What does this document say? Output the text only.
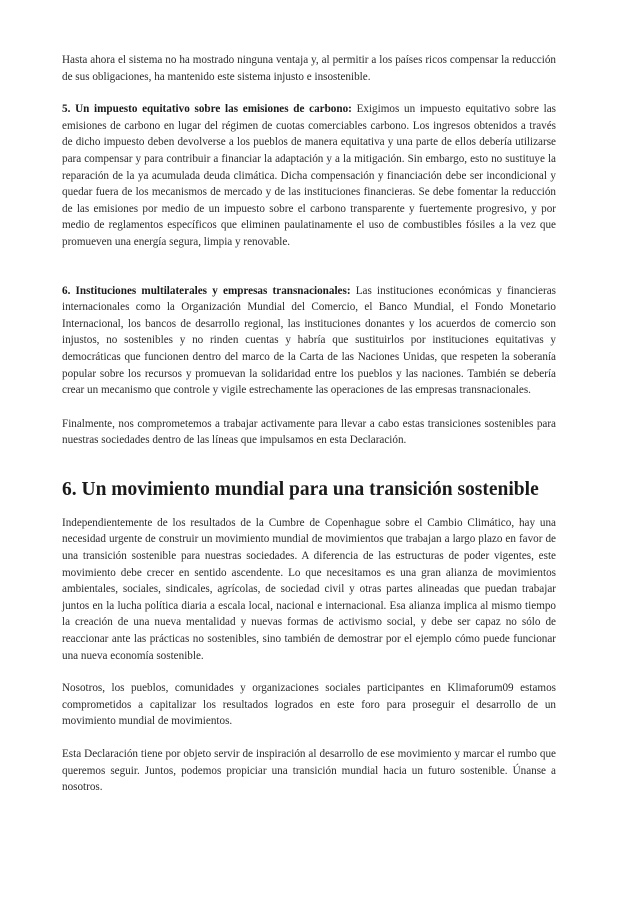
Hasta ahora el sistema no ha mostrado ninguna ventaja y, al permitir a los países ricos compensar la reducción de sus obligaciones, ha mantenido este sistema injusto e insostenible.

5. Un impuesto equitativo sobre las emisiones de carbono: Exigimos un impuesto equitativo sobre las emisiones de carbono en lugar del régimen de cuotas comerciables carbono. Los ingresos obtenidos a través de dicho impuesto deben devolverse a los pueblos de manera equitativa y una parte de ellos debería utilizarse para compensar y para contribuir a financiar la adaptación y a la mitigación. Sin embargo, esto no sustituye la reparación de la ya acumulada deuda climática. Dicha compensación y financiación debe ser incondicional y quedar fuera de los mecanismos de mercado y de las instituciones financieras. Se debe fomentar la reducción de las emisiones por medio de un impuesto sobre el carbono transparente y fuertemente progresivo, y por medio de reglamentos específicos que eliminen paulatinamente el uso de combustibles fósiles a la vez que promueven una energía segura, limpia y renovable.

6. Instituciones multilaterales y empresas transnacionales: Las instituciones económicas y financieras internacionales como la Organización Mundial del Comercio, el Banco Mundial, el Fondo Monetario Internacional, los bancos de desarrollo regional, las instituciones donantes y los acuerdos de comercio son injustos, no sostenibles y no rinden cuentas y habría que sustituirlos por instituciones equitativas y democráticas que funcionen dentro del marco de la Carta de las Naciones Unidas, que respeten la soberanía popular sobre los recursos y promuevan la solidaridad entre los pueblos y las naciones. También se debería crear un mecanismo que controle y vigile estrechamente las operaciones de las empresas transnacionales.

Finalmente, nos comprometemos a trabajar activamente para llevar a cabo estas transiciones sostenibles para nuestras sociedades dentro de las líneas que impulsamos en esta Declaración.

6. Un movimiento mundial para una transición sostenible

Independientemente de los resultados de la Cumbre de Copenhague sobre el Cambio Climático, hay una necesidad urgente de construir un movimiento mundial de movimientos que trabajan a largo plazo en favor de una transición sostenible para nuestras sociedades. A diferencia de las estructuras de poder vigentes, este movimiento debe crecer en sentido ascendente. Lo que necesitamos es una gran alianza de movimientos ambientales, sociales, sindicales, agrícolas, de sociedad civil y otras partes alineadas que puedan trabajar juntos en la lucha política diaria a escala local, nacional e internacional. Esa alianza implica al mismo tiempo la creación de una nueva mentalidad y nuevas formas de activismo social, y debe ser capaz no sólo de reaccionar ante las prácticas no sostenibles, sino también de demostrar por el ejemplo cómo puede funcionar una nueva economía sostenible.

Nosotros, los pueblos, comunidades y organizaciones sociales participantes en Klimaforum09 estamos comprometidos a capitalizar los resultados logrados en este foro para proseguir el desarrollo de un movimiento mundial de movimientos.

Esta Declaración tiene por objeto servir de inspiración al desarrollo de ese movimiento y marcar el rumbo que queremos seguir. Juntos, podemos propiciar una transición mundial hacia un futuro sostenible. Únanse a nosotros.
